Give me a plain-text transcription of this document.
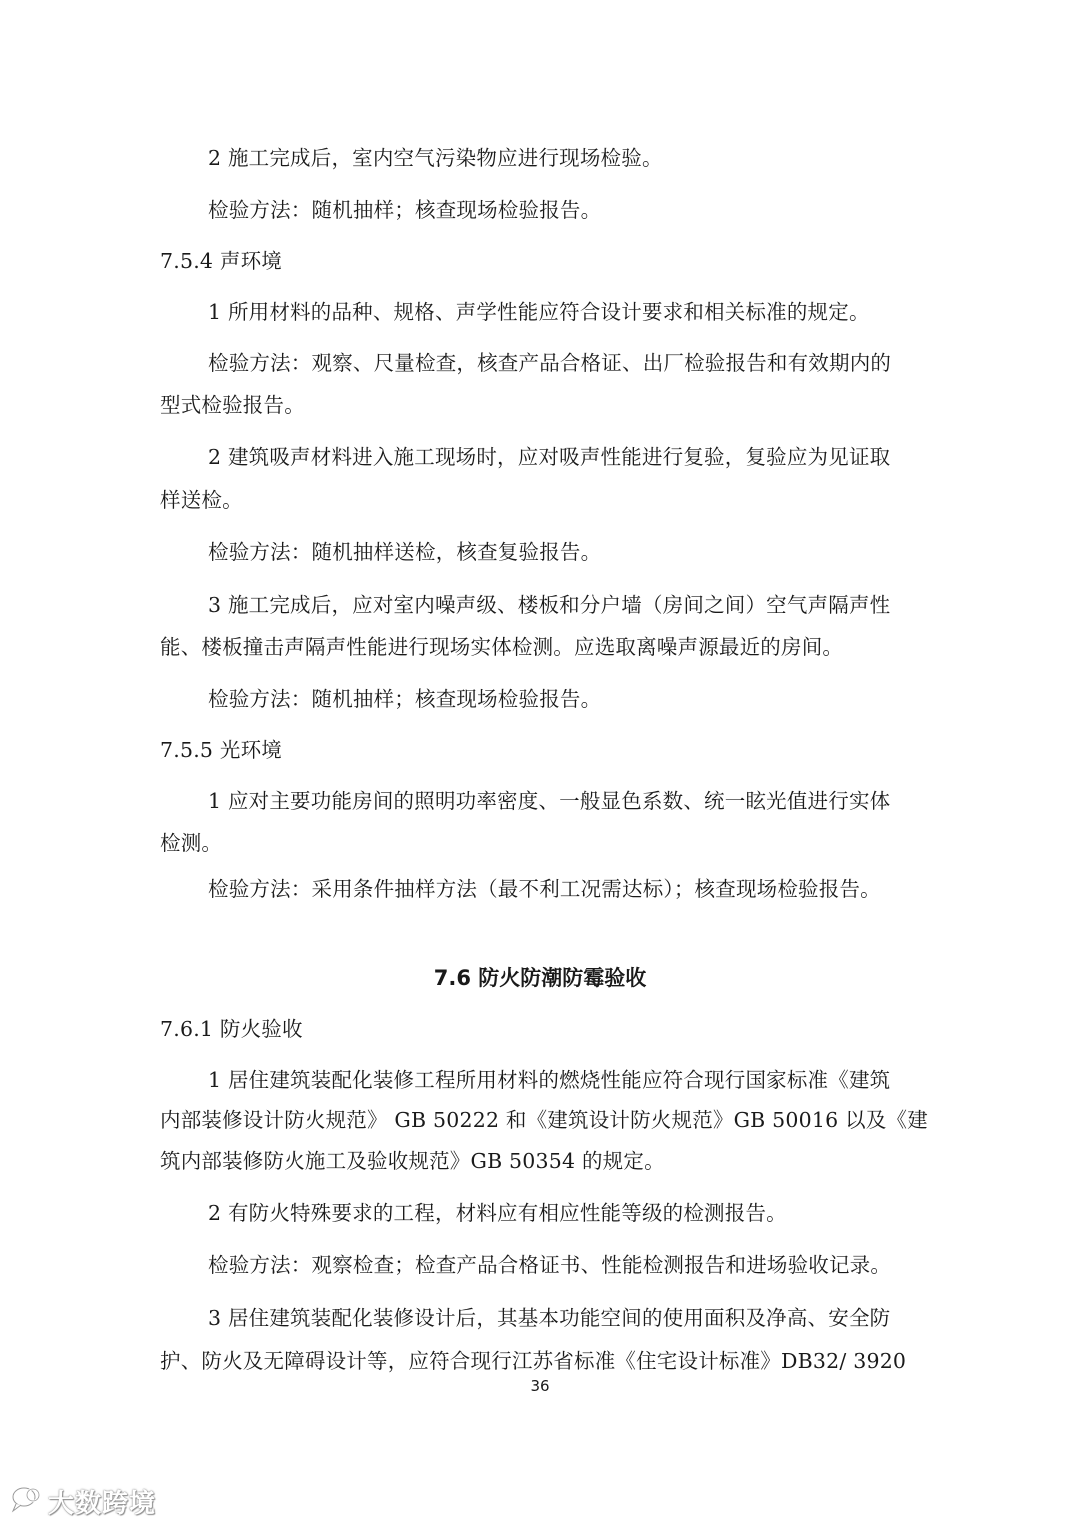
2 施工完成后，室内空气污染物应进行现场检验。
检验方法：随机抽样；核查现场检验报告。
7.5.4 声环境
1 所用材料的品种、规格、声学性能应符合设计要求和相关标准的规定。
检验方法：观察、尺量检查，核查产品合格证、出厂检验报告和有效期内的
型式检验报告。
2 建筑吸声材料进入施工现场时，应对吸声性能进行复验，复验应为见证取
样送检。
检验方法：随机抽样送检，核查复验报告。
3 施工完成后，应对室内噪声级、楼板和分户墙（房间之间）空气声隔声性
能、楼板撞击声隔声性能进行现场实体检测。应选取离噪声源最近的房间。
检验方法：随机抽样；核查现场检验报告。
7.5.5 光环境
1 应对主要功能房间的照明功率密度、一般显色系数、统一眩光值进行实体
检测。
检验方法：采用条件抽样方法（最不利工况需达标）；核查现场检验报告。
7.6 防火防潮防霉验收
7.6.1 防火验收
1 居住建筑装配化装修工程所用材料的燃烧性能应符合现行国家标准《建筑
内部装修设计防火规范》 GB 50222 和《建筑设计防火规范》GB 50016 以及《建
筑内部装修防火施工及验收规范》GB 50354 的规定。
2 有防火特殊要求的工程，材料应有相应性能等级的检测报告。
检验方法：观察检查；检查产品合格证书、性能检测报告和进场验收记录。
3 居住建筑装配化装修设计后，其基本功能空间的使用面积及净高、安全防
护、防火及无障碍设计等，应符合现行江苏省标准《住宅设计标准》DB32/ 3920
36
大数跨境
